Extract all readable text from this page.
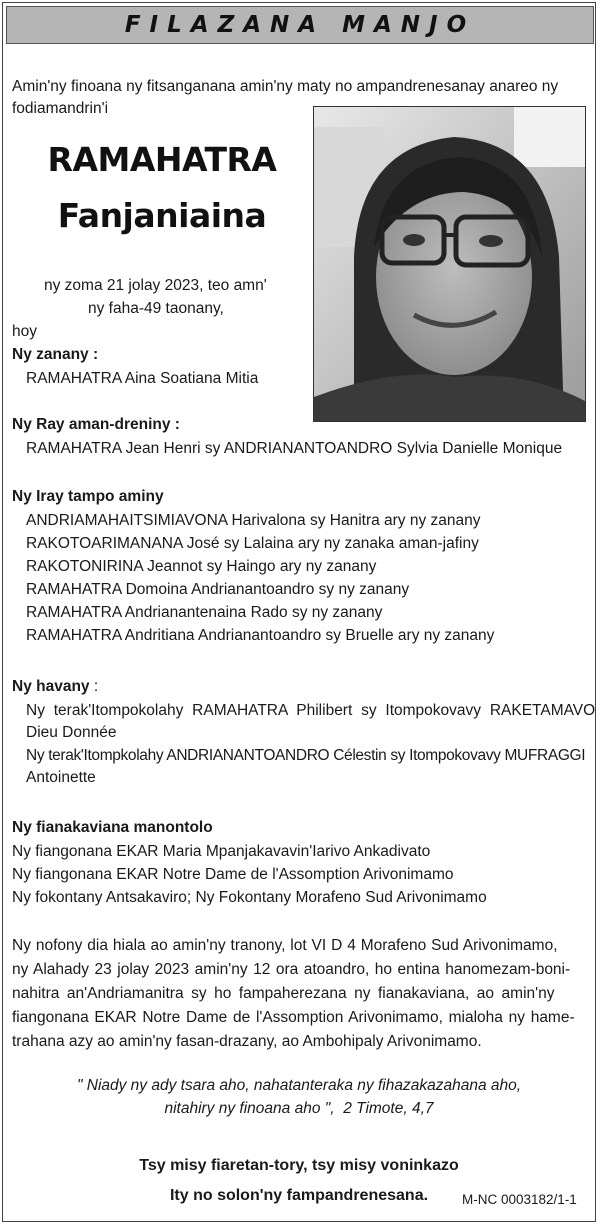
FILAZANA MANJO
Amin'ny finoana ny fitsanganana amin'ny maty no ampandrenesanay anareo ny
fodiamandrin'i
RAMAHATRA
Fanjaniaina
ny zoma 21 jolay 2023, teo amn'
ny faha-49 taonany,
hoy
Ny zanany :
RAMAHATRA Aina Soatiana Mitia
Ny Ray aman-dreniny :
RAMAHATRA Jean Henri sy ANDRIANANTOANDRO Sylvia Danielle Monique
Ny Iray tampo aminy
ANDRIAMAHAITSIMIAVONA Harivalona sy Hanitra ary ny zanany
RAKOTOARIMANANA José sy Lalaina ary ny zanaka aman-jafiny
RAKOTONIRINA Jeannot sy Haingo ary ny zanany
RAMAHATRA Domoina Andrianantoandro sy ny zanany
RAMAHATRA Andrianantenaina Rado sy ny zanany
RAMAHATRA Andritiana Andrianantoandro sy Bruelle ary ny zanany
Ny havany :
Ny terak'Itompokolahy RAMAHATRA Philibert sy Itompokovavy RAKETAMAVO
Dieu Donnée
Ny terak'Itompkolahy ANDRIANANTOANDRO Célestin sy Itompokovavy MUFRAGGI
Antoinette
Ny fianakaviana manontolo
Ny fiangonana EKAR Maria Mpanjakavavin'Iarivo Ankadivato
Ny fiangonana EKAR Notre Dame de l'Assomption Arivonimamo
Ny fokontany Antsakaviro; Ny Fokontany Morafeno Sud Arivonimamo
Ny nofony dia hiala ao amin'ny tranony, lot VI D 4 Morafeno Sud Arivonimamo,
ny Alahady 23 jolay 2023 amin'ny 12 ora atoandro, ho entina hanomezam-boni-
nahitra an'Andriamanitra sy ho fampaherezana ny fianakaviana, ao amin'ny
fiangonana EKAR Notre Dame de l'Assomption Arivonimamo, mialoha ny hame-
trahana azy ao amin'ny fasan-drazany, ao Ambohipaly Arivonimamo.
" Niady ny ady tsara aho, nahatanteraka ny fihazakazahana aho,
nitahiry ny finoana aho ", 2 Timote, 4,7
Tsy misy fiaretan-tory, tsy misy voninkazo
Ity no solon'ny fampandrenesana.	M-NC 0003182/1-1
